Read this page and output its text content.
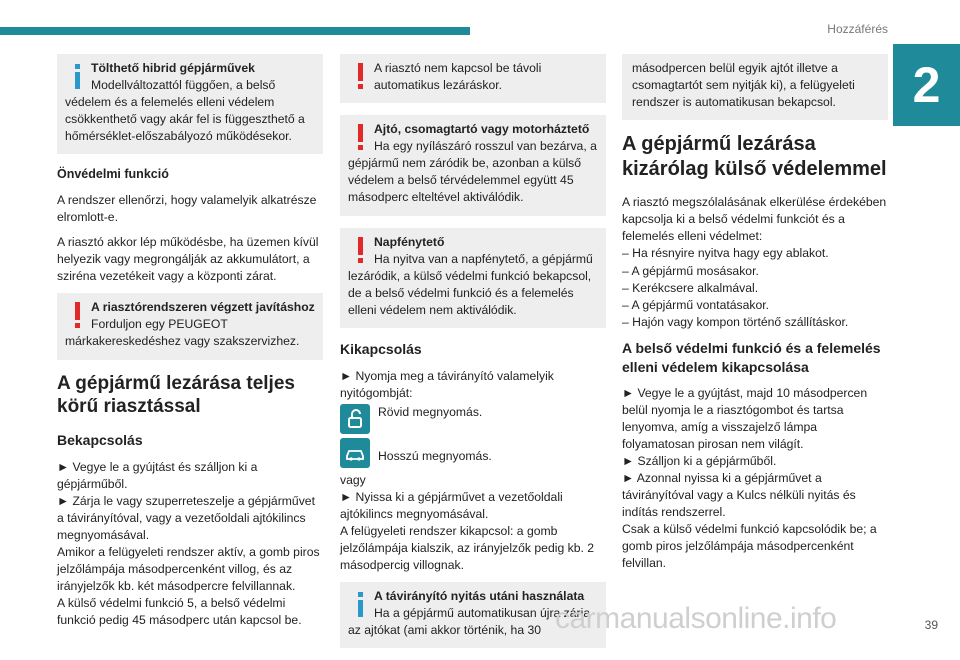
Hozzáférés
2
Tölthető hibrid gépjárművek
Modellváltozattól függően, a belső védelem és a felemelés elleni védelem csökkenthető vagy akár fel is függeszthető a hőmérséklet-előszabályozó működésekor.
Önvédelmi funkció

A rendszer ellenőrzi, hogy valamelyik alkatrésze elromlott-e.

A riasztó akkor lép működésbe, ha üzemen kívül helyezik vagy megrongálják az akkumulátort, a sziréna vezetékeit vagy a központi zárat.

A riasztórendszeren végzett javításhoz
Forduljon egy PEUGEOT márkakereskedéshez vagy szakszervizhez.
A gépjármű lezárása teljes körű riasztással
Bekapcsolás

► Vegye le a gyújtást és szálljon ki a gépjárműből.

► Zárja le vagy szuperreteszelje a gépjárművet a távirányítóval, vagy a vezetőoldali ajtókilincs megnyomásával.

Amikor a felügyeleti rendszer aktív, a gomb piros jelzőlámpája másodpercenként villog, és az irányjelzők kb. két másodpercre felvillannak.

A külső védelmi funkció 5, a belső védelmi funkció pedig 45 másodperc után kapcsol be.

A riasztó nem kapcsol be távoli automatikus lezáráskor.
Ajtó, csomagtartó vagy motorháztető
Ha egy nyílászáró rosszul van bezárva, a gépjármű nem záródik be, azonban a külső védelem a belső térvédelemmel együtt 45 másodperc elteltével aktiválódik.
Napfénytető
Ha nyitva van a napfénytető, a gépjármű lezáródik, a külső védelmi funkció bekapcsol, de a belső védelmi funkció és a felemelés elleni védelem nem aktiválódik.
Kikapcsolás

► Nyomja meg a távirányító valamelyik nyitógombját:

Rövid megnyomás.
Hosszú megnyomás.

vagy

► Nyissa ki a gépjárművet a vezetőoldali ajtókilincs megnyomásával.

A felügyeleti rendszer kikapcsol: a gomb jelzőlámpája kialszik, az irányjelzők pedig kb. 2 másodpercig villognak.

A távirányító nyitás utáni használata
Ha a gépjármű automatikusan újra zárja az ajtókat (ami akkor történik, ha 30
másodpercen belül egyik ajtót illetve a csomagtartót sem nyitják ki), a felügyeleti rendszer is automatikusan bekapcsol.
A gépjármű lezárása kizárólag külső védelemmel

A riasztó megszólalásának elkerülése érdekében kapcsolja ki a belső védelmi funkciót és a felemelés elleni védelmet:

– Ha résnyire nyitva hagy egy ablakot.
– A gépjármű mosásakor.
– Kerékcsere alkalmával.
– A gépjármű vontatásakor.
– Hajón vagy kompon történő szállításkor.
A belső védelmi funkció és a felemelés elleni védelem kikapcsolása

► Vegye le a gyújtást, majd 10 másodpercen belül nyomja le a riasztógombot és tartsa lenyomva, amíg a visszajelző lámpa folyamatosan pirosan nem világít.

► Szálljon ki a gépjárműből.

► Azonnal nyissa ki a gépjárművet a távirányítóval vagy a Kulcs nélküli nyitás és indítás rendszerrel.

Csak a külső védelmi funkció kapcsolódik be; a gomb piros jelzőlámpája másodpercenként felvillan.

carmanualsonline.info	39
